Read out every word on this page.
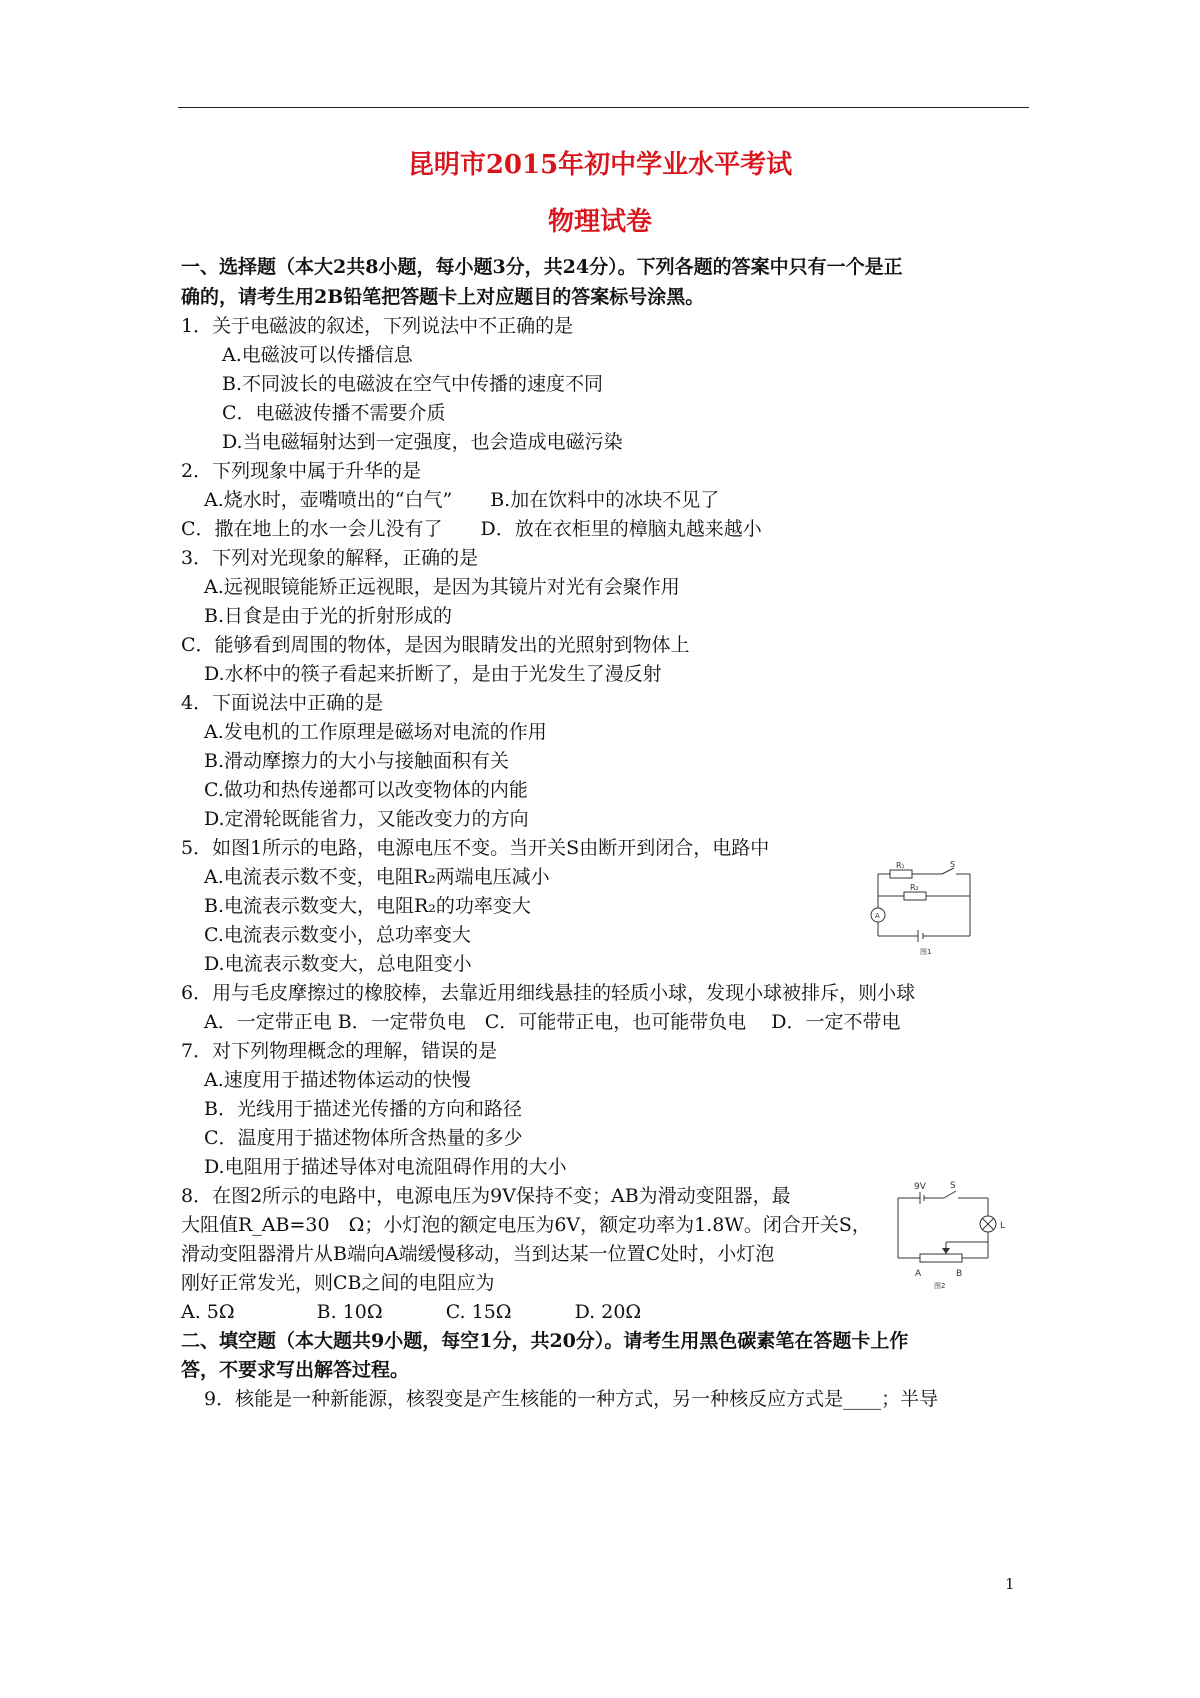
昆明市2015年初中学业水平考试
物理试卷
一、选择题（本大2共8小题，每小题3分，共24分）。下列各题的答案中只有一个是正
确的，请考生用2B铅笔把答题卡上对应题目的答案标号涂黑。
1．关于电磁波的叙述，下列说法中不正确的是
A.电磁波可以传播信息
B.不同波长的电磁波在空气中传播的速度不同
C．电磁波传播不需要介质
D.当电磁辐射达到一定强度，也会造成电磁污染
2．下列现象中属于升华的是
A.烧水时，壶嘴喷出的“白气”　　B.加在饮料中的冰块不见了
C．撒在地上的水一会儿没有了　　D．放在衣柜里的樟脑丸越来越小
3．下列对光现象的解释，正确的是
A.远视眼镜能矫正远视眼，是因为其镜片对光有会聚作用
B.日食是由于光的折射形成的
C．能够看到周围的物体，是因为眼睛发出的光照射到物体上
D.水杯中的筷子看起来折断了，是由于光发生了漫反射
4．下面说法中正确的是
A.发电机的工作原理是磁场对电流的作用
B.滑动摩擦力的大小与接触面积有关
C.做功和热传递都可以改变物体的内能
D.定滑轮既能省力，又能改变力的方向
5．如图1所示的电路，电源电压不变。当开关S由断开到闭合，电路中
A.电流表示数不变，电阻R₂两端电压减小
B.电流表示数变大，电阻R₂的功率变大
C.电流表示数变小，总功率变大
D.电流表示数变大，总电阻变小
R₁
R₂
S
A
图1
6．用与毛皮摩擦过的橡胶棒，去靠近用细线悬挂的轻质小球，发现小球被排斥，则小球
A．一定带正电 B．一定带负电　C．可能带正电，也可能带负电　 D．一定不带电
7．对下列物理概念的理解，错误的是
A.速度用于描述物体运动的快慢
B．光线用于描述光传播的方向和路径
C．温度用于描述物体所含热量的多少
D.电阻用于描述导体对电流阻碍作用的大小
8．在图2所示的电路中，电源电压为9V保持不变；AB为滑动变阻器，最
大阻值R_AB=30　Ω；小灯泡的额定电压为6V，额定功率为1.8W。闭合开关S，
滑动变阻器滑片从B端向A端缓慢移动，当到达某一位置C处时，小灯泡
刚好正常发光，则CB之间的电阻应为
A. 5Ω　　　　 B. 10Ω　　　 C. 15Ω　　　 D. 20Ω
9V	S
L
A	B
图2
二、填空题（本大题共9小题，每空1分，共20分）。请考生用黑色碳素笔在答题卡上作
答，不要求写出解答过程。
9．核能是一种新能源，核裂变是产生核能的一种方式，另一种核反应方式是____；半导
1
